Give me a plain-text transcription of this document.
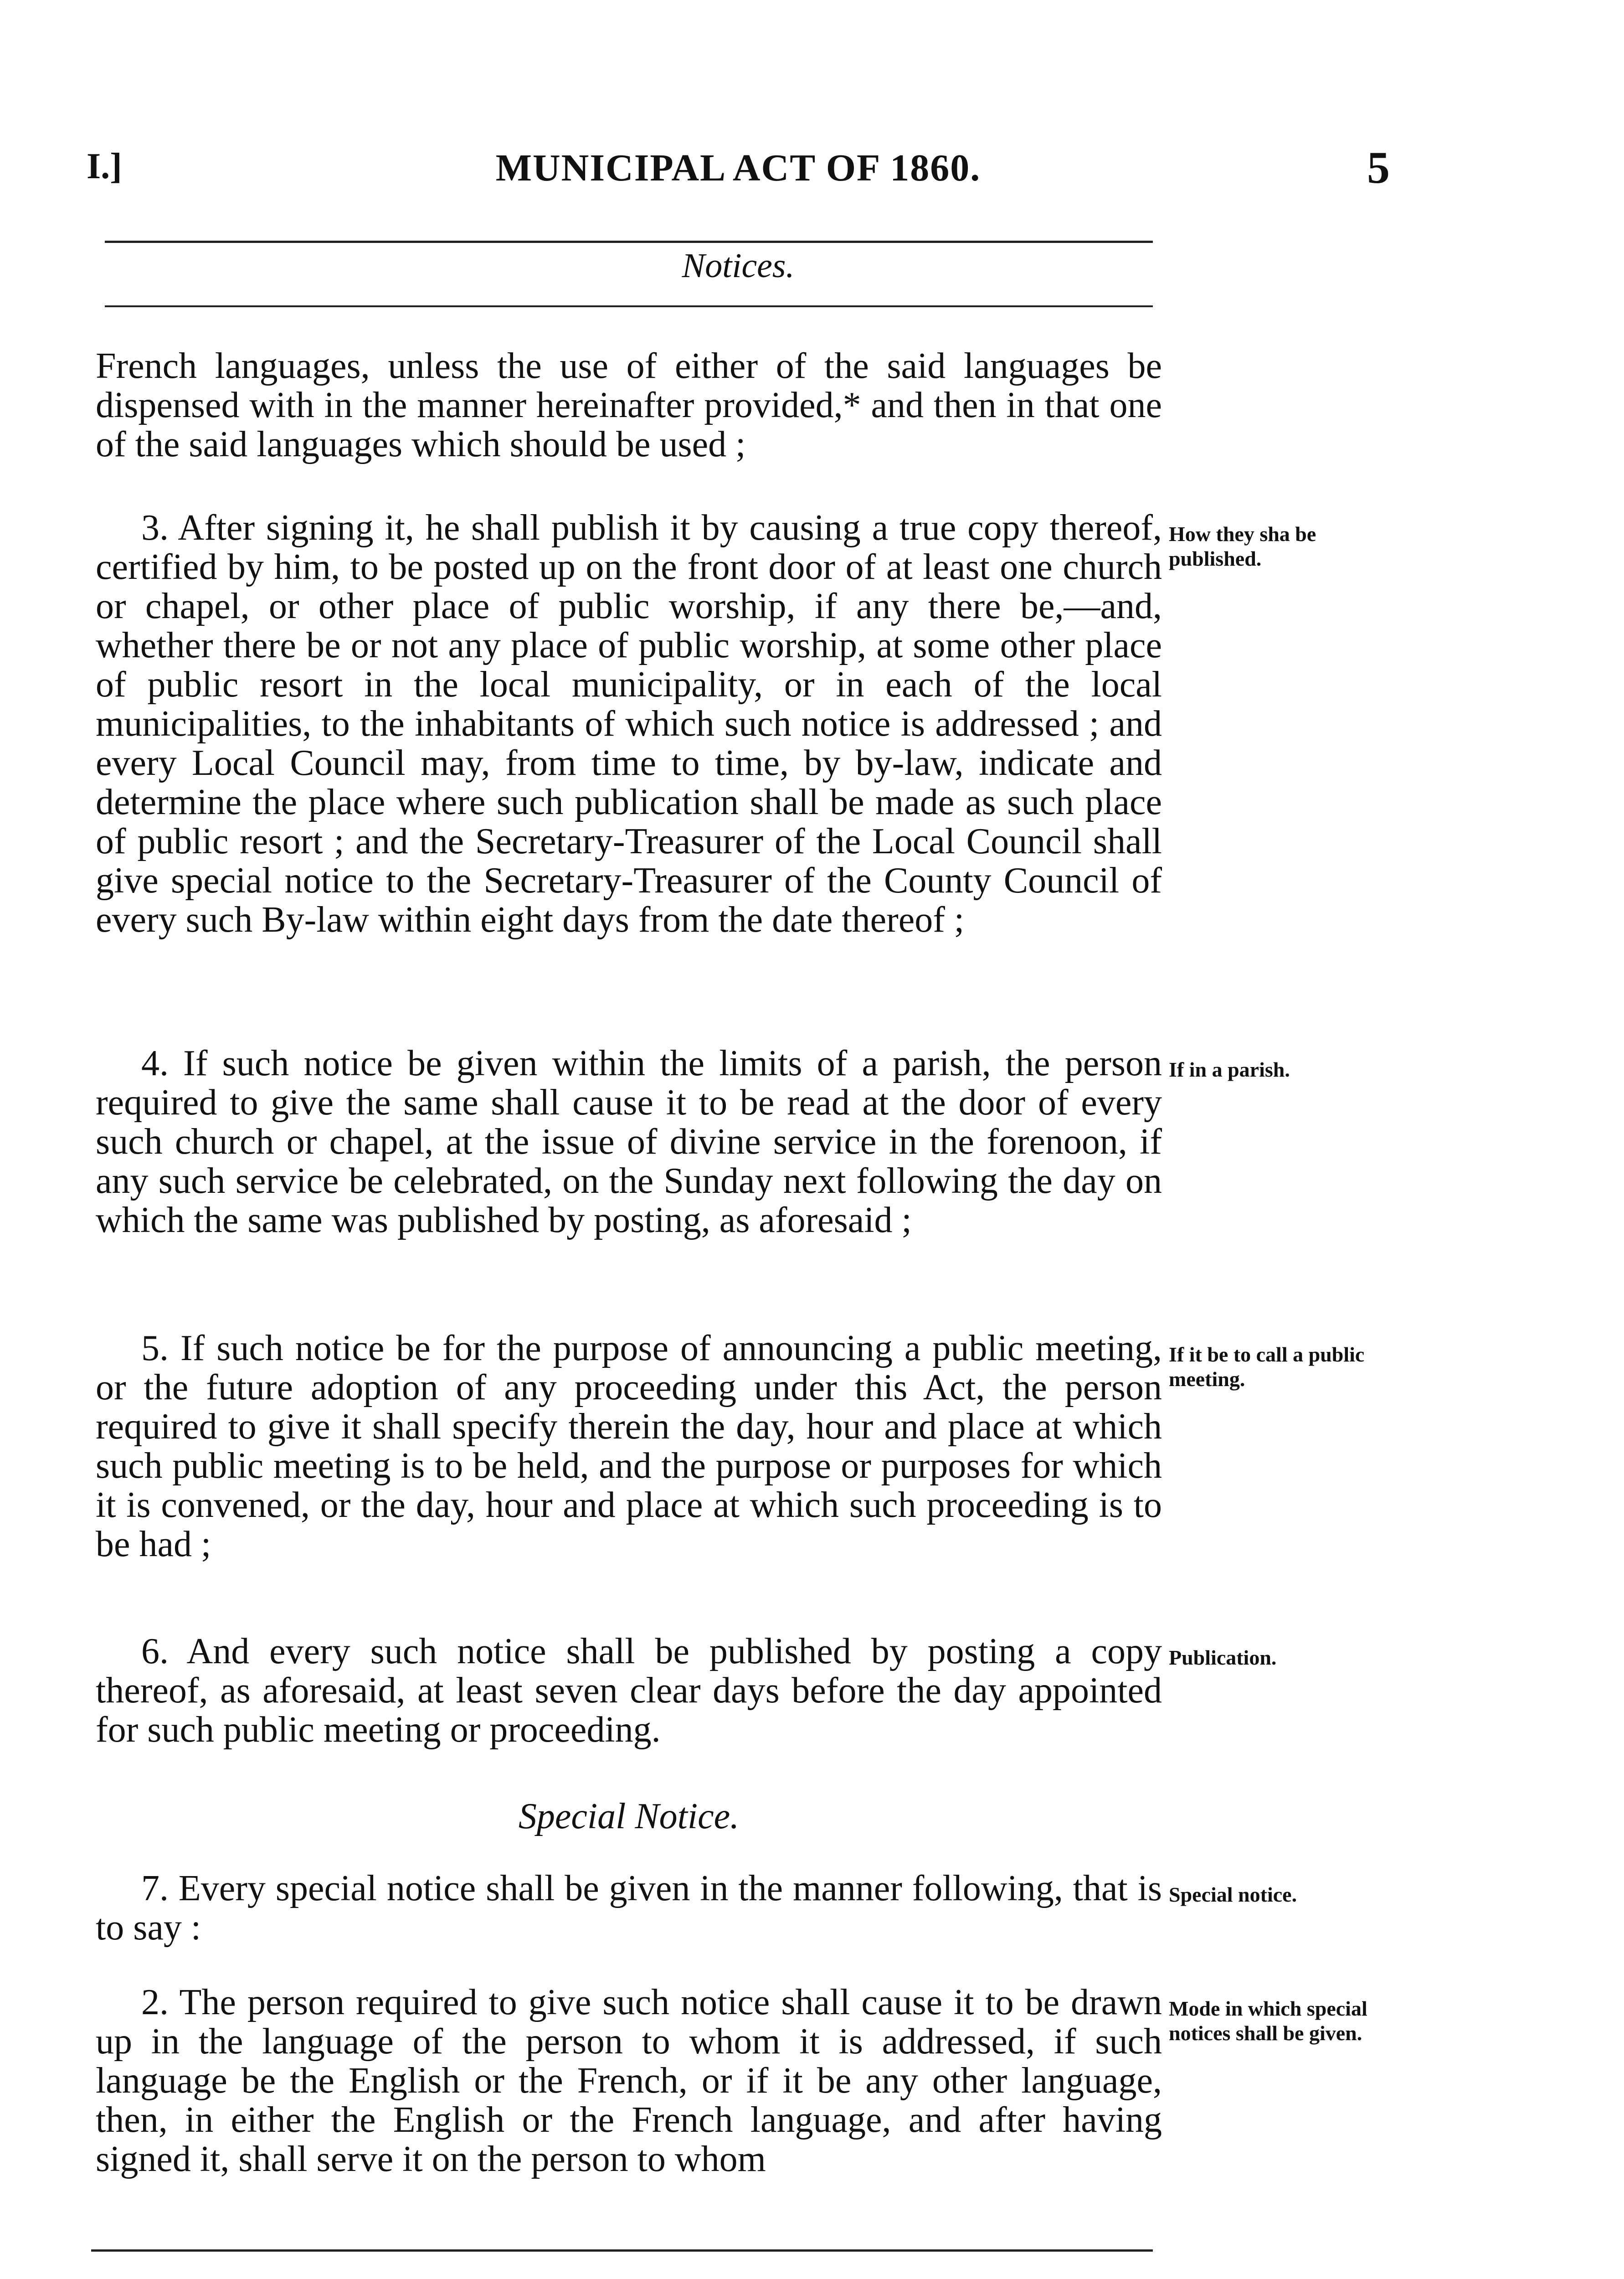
I.]	MUNICIPAL ACT OF 1860.	5
Notices.

French languages, unless the use of either of the said languages be dispensed with in the manner hereinafter provided,* and then in that one of the said languages which should be used ;

3. After signing it, he shall publish it by causing a true copy thereof, certified by him, to be posted up on the front door of at least one church or chapel, or other place of public worship, if any there be,—and, whether there be or not any place of public worship, at some other place of public resort in the local municipality, or in each of the local municipalities, to the inhabitants of which such notice is addressed ; and every Local Council may, from time to time, by by-law, indicate and determine the place where such publication shall be made as such place of public resort ; and the Secretary-Treasurer of the Local Council shall give special notice to the Secretary-Treasurer of the County Council of every such By-law within eight days from the date thereof ;

How they sha be published.

4. If such notice be given within the limits of a parish, the person required to give the same shall cause it to be read at the door of every such church or chapel, at the issue of divine service in the forenoon, if any such service be celebrated, on the Sunday next following the day on which the same was published by posting, as aforesaid ;

If in a parish.

5. If such notice be for the purpose of announcing a public meeting, or the future adoption of any proceeding under this Act, the person required to give it shall specify therein the day, hour and place at which such public meeting is to be held, and the purpose or purposes for which it is convened, or the day, hour and place at which such proceeding is to be had ;

If it be to call a public meeting.

6. And every such notice shall be published by posting a copy thereof, as aforesaid, at least seven clear days before the day appointed for such public meeting or proceeding.

Publication.
Special Notice.

7. Every special notice shall be given in the manner following, that is to say :

Special notice.

2. The person required to give such notice shall cause it to be drawn up in the language of the person to whom it is addressed, if such language be the English or the French, or if it be any other language, then, in either the English or the French language, and after having signed it, shall serve it on the person to whom

Mode in which special notices shall be given.
